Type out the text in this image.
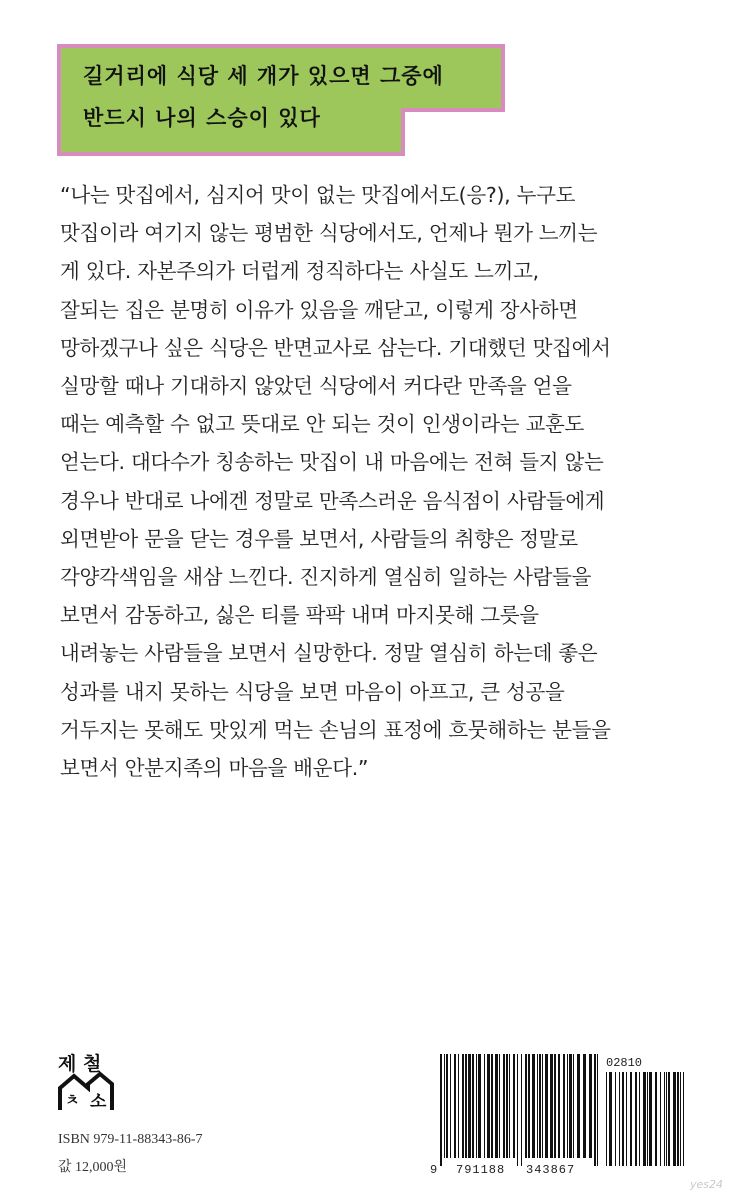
길거리에 식당 세 개가 있으면 그중에
반드시 나의 스승이 있다
“나는 맛집에서, 심지어 맛이 없는 맛집에서도(응?), 누구도
맛집이라 여기지 않는 평범한 식당에서도, 언제나 뭔가 느끼는
게 있다. 자본주의가 더럽게 정직하다는 사실도 느끼고,
잘되는 집은 분명히 이유가 있음을 깨닫고, 이렇게 장사하면
망하겠구나 싶은 식당은 반면교사로 삼는다. 기대했던 맛집에서
실망할 때나 기대하지 않았던 식당에서 커다란 만족을 얻을
때는 예측할 수 없고 뜻대로 안 되는 것이 인생이라는 교훈도
얻는다. 대다수가 칭송하는 맛집이 내 마음에는 전혀 들지 않는
경우나 반대로 나에겐 정말로 만족스러운 음식점이 사람들에게
외면받아 문을 닫는 경우를 보면서, 사람들의 취향은 정말로
각양각색임을 새삼 느낀다. 진지하게 열심히 일하는 사람들을
보면서 감동하고, 싫은 티를 팍팍 내며 마지못해 그릇을
내려놓는 사람들을 보면서 실망한다. 정말 열심히 하는데 좋은
성과를 내지 못하는 식당을 보면 마음이 아프고, 큰 성공을
거두지는 못해도 맛있게 먹는 손님의 표정에 흐뭇해하는 분들을
보면서 안분지족의 마음을 배운다.”
제 철
ㅊ 소
ISBN 979-11-88343-86-7
값 12,000원
02810
9 791188 343867
yes24
